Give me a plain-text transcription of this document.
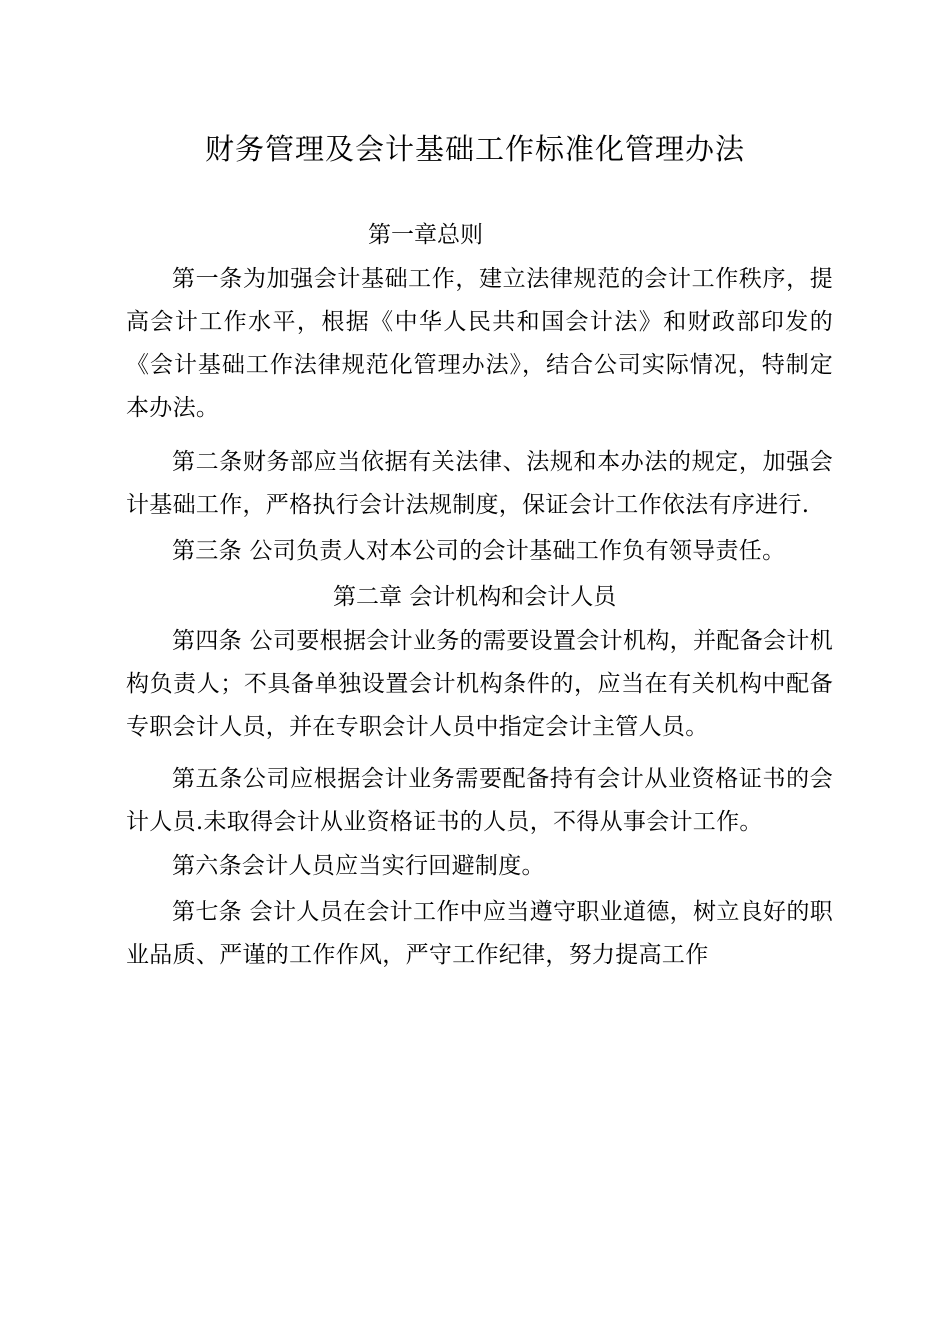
财务管理及会计基础工作标准化管理办法
第一章总则

第一条为加强会计基础工作，建立法律规范的会计工作秩序，提高会计工作水平，根据《中华人民共和国会计法》和财政部印发的《会计基础工作法律规范化管理办法》，结合公司实际情况，特制定本办法。

第二条财务部应当依据有关法律、法规和本办法的规定，加强会计基础工作，严格执行会计法规制度，保证会计工作依法有序进行.

第三条 公司负责人对本公司的会计基础工作负有领导责任。

第二章 会计机构和会计人员

第四条 公司要根据会计业务的需要设置会计机构，并配备会计机构负责人；不具备单独设置会计机构条件的，应当在有关机构中配备专职会计人员，并在专职会计人员中指定会计主管人员。

第五条公司应根据会计业务需要配备持有会计从业资格证书的会计人员.未取得会计从业资格证书的人员，不得从事会计工作。

第六条会计人员应当实行回避制度。

第七条 会计人员在会计工作中应当遵守职业道德，树立良好的职业品质、严谨的工作作风，严守工作纪律，努力提高工作
